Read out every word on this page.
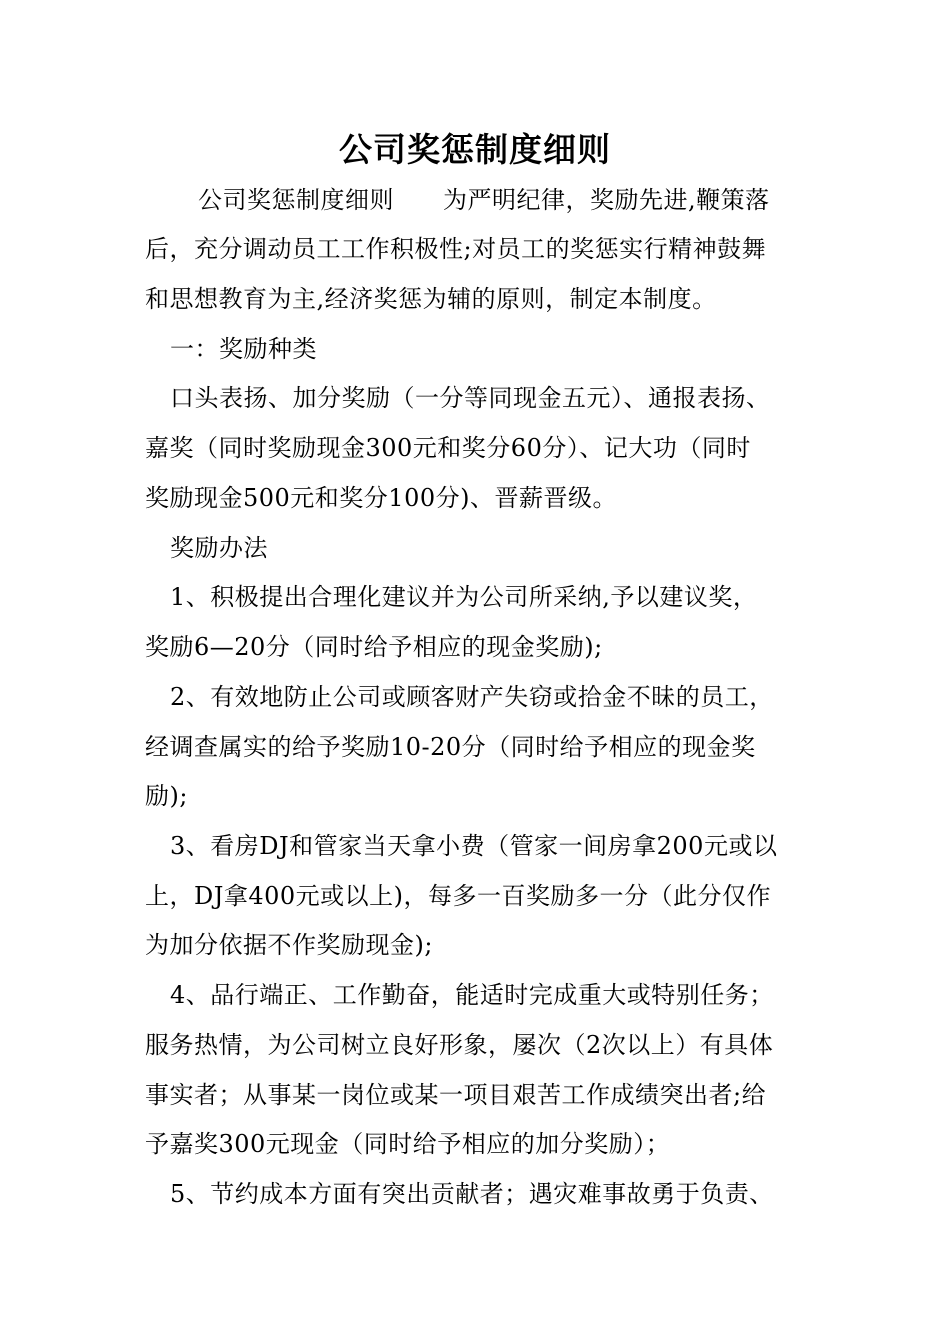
公司奖惩制度细则
公司奖惩制度细则　　为严明纪律，奖励先进,鞭策落
后，充分调动员工工作积极性;对员工的奖惩实行精神鼓舞
和思想教育为主,经济奖惩为辅的原则，制定本制度。
一：奖励种类
口头表扬、加分奖励（一分等同现金五元）、通报表扬、
嘉奖（同时奖励现金300元和奖分60分）、记大功（同时
奖励现金500元和奖分100分)、晋薪晋级。
奖励办法
1、积极提出合理化建议并为公司所采纳,予以建议奖，
奖励6—20分（同时给予相应的现金奖励);
2、有效地防止公司或顾客财产失窃或拾金不昧的员工，
经调查属实的给予奖励10-20分（同时给予相应的现金奖
励);
3、看房DJ和管家当天拿小费（管家一间房拿200元或以
上，DJ拿400元或以上)，每多一百奖励多一分（此分仅作
为加分依据不作奖励现金);
4、品行端正、工作勤奋，能适时完成重大或特别任务；
服务热情，为公司树立良好形象，屡次（2次以上）有具体
事实者；从事某一岗位或某一项目艰苦工作成绩突出者;给
予嘉奖300元现金（同时给予相应的加分奖励）；
5、节约成本方面有突出贡献者；遇灾难事故勇于负责、
